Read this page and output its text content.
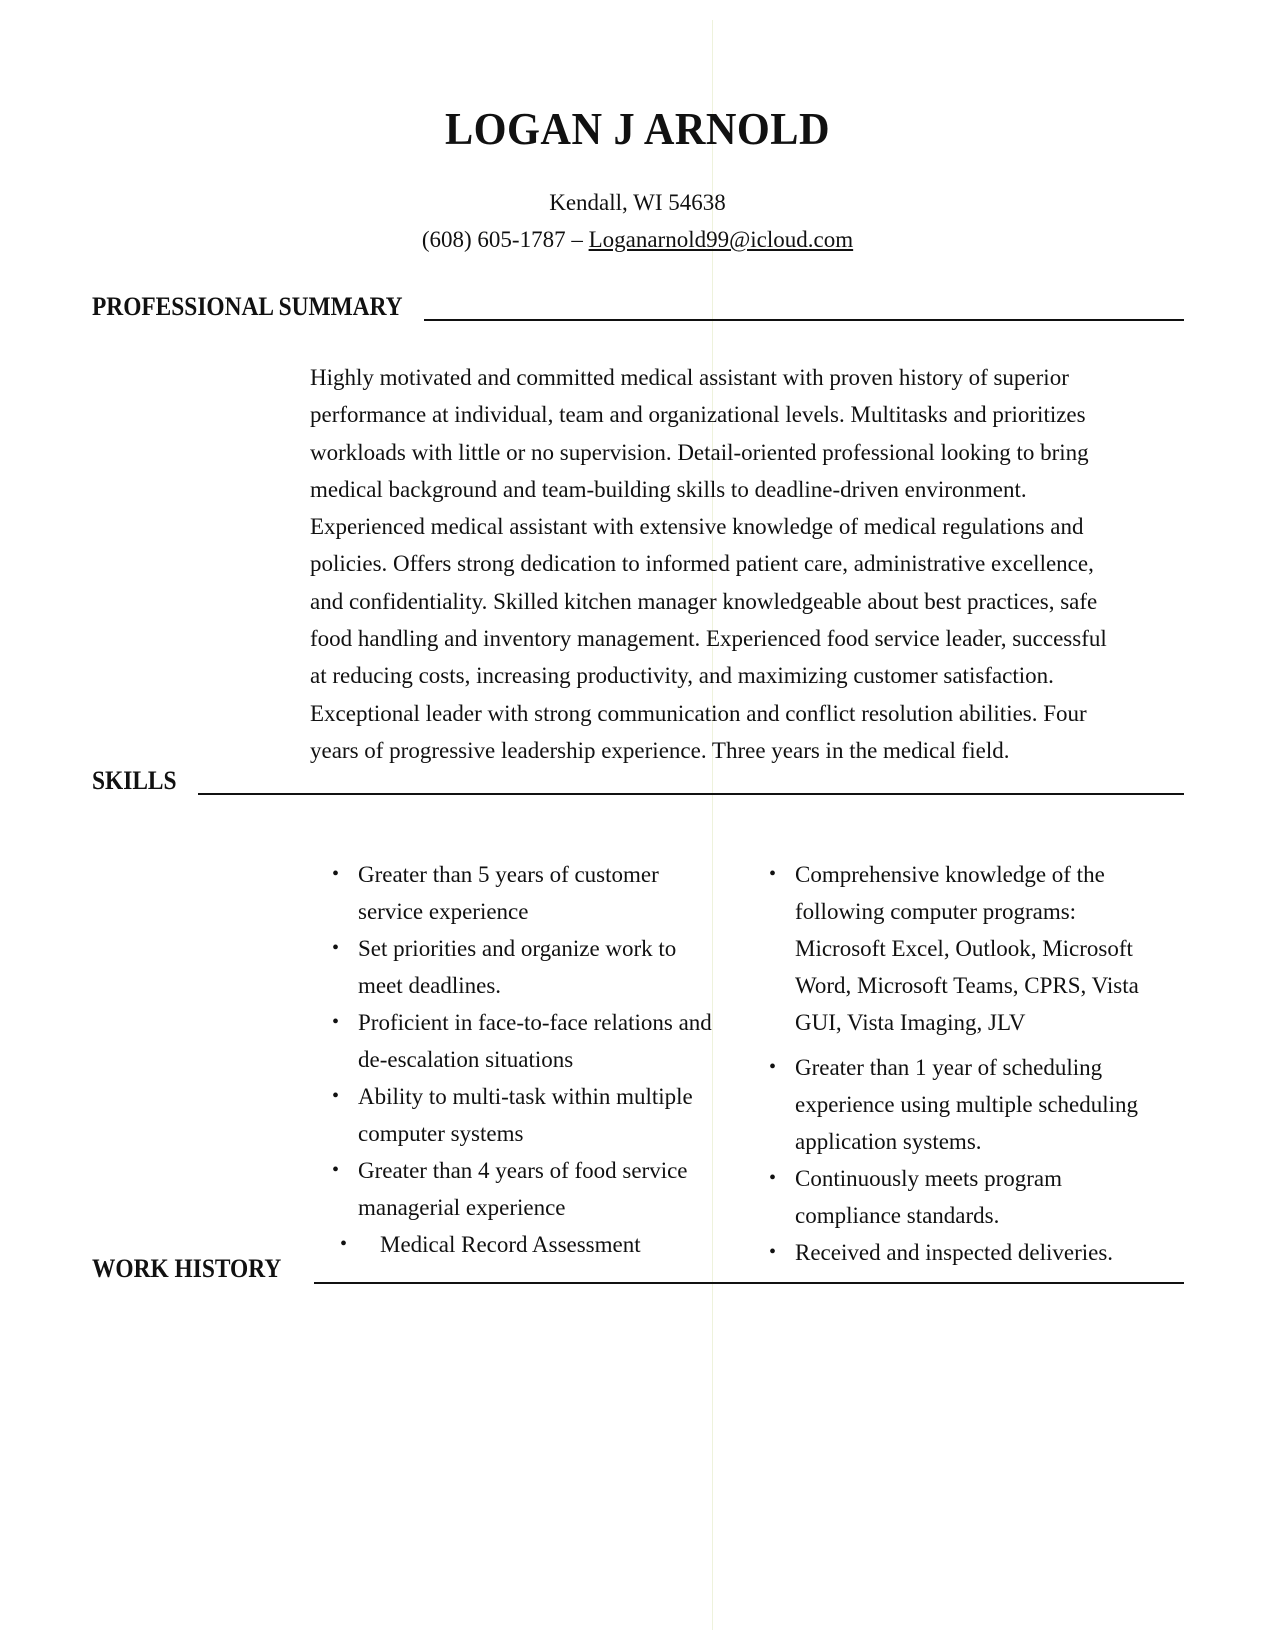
LOGAN J ARNOLD
Kendall, WI 54638
(608) 605-1787 – Loganarnold99@icloud.com
PROFESSIONAL SUMMARY
Highly motivated and committed medical assistant with proven history of superior
performance at individual, team and organizational levels. Multitasks and prioritizes
workloads with little or no supervision. Detail-oriented professional looking to bring
medical background and team-building skills to deadline-driven environment.
Experienced medical assistant with extensive knowledge of medical regulations and
policies. Offers strong dedication to informed patient care, administrative excellence,
and confidentiality. Skilled kitchen manager knowledgeable about best practices, safe
food handling and inventory management. Experienced food service leader, successful
at reducing costs, increasing productivity, and maximizing customer satisfaction.
Exceptional leader with strong communication and conflict resolution abilities. Four
years of progressive leadership experience. Three years in the medical field.
SKILLS
• Greater than 5 years of customer
service experience
• Set priorities and organize work to
meet deadlines.
• Proficient in face-to-face relations and
de-escalation situations
• Ability to multi-task within multiple
computer systems
• Greater than 4 years of food service
managerial experience
•	Medical Record Assessment
• Comprehensive knowledge of the
following computer programs:
Microsoft Excel, Outlook, Microsoft
Word, Microsoft Teams, CPRS, Vista
GUI, Vista Imaging, JLV
• Greater than 1 year of scheduling
experience using multiple scheduling
application systems.
• Continuously meets program
compliance standards.
• Received and inspected deliveries.
WORK HISTORY
